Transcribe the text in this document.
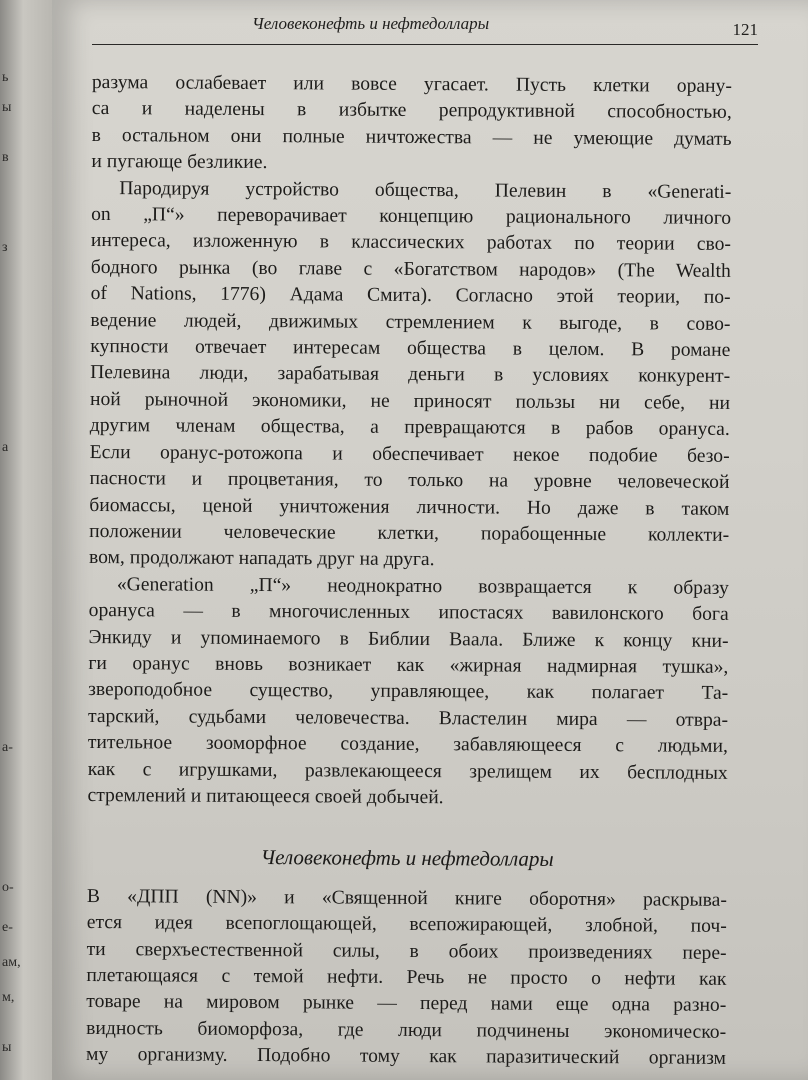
ь
ы
в
з
а
а-
о-
е-
ам,
м,
ы
Человеконефть и нефтедоллары	121
разума ослабевает или вовсе угасает. Пусть клетки орану-
са и наделены в избытке репродуктивной способностью,
в остальном они полные ничтожества — не умеющие думать
и пугающе безликие.
Пародируя устройство общества, Пелевин в «Generati-
on „П“» переворачивает концепцию рационального личного
интереса, изложенную в классических работах по теории сво-
бодного рынка (во главе с «Богатством народов» (The Wealth
of Nations, 1776) Адама Смита). Согласно этой теории, по-
ведение людей, движимых стремлением к выгоде, в сово-
купности отвечает интересам общества в целом. В романе
Пелевина люди, зарабатывая деньги в условиях конкурент-
ной рыночной экономики, не приносят пользы ни себе, ни
другим членам общества, а превращаются в рабов орануса.
Если оранус-ротожопа и обеспечивает некое подобие безо-
пасности и процветания, то только на уровне человеческой
биомассы, ценой уничтожения личности. Но даже в таком
положении человеческие клетки, порабощенные коллекти-
вом, продолжают нападать друг на друга.
«Generation „П“» неоднократно возвращается к образу
орануса — в многочисленных ипостасях вавилонского бога
Энкиду и упоминаемого в Библии Ваала. Ближе к концу кни-
ги оранус вновь возникает как «жирная надмирная тушка»,
звероподобное существо, управляющее, как полагает Та-
тарский, судьбами человечества. Властелин мира — отвра-
тительное зооморфное создание, забавляющееся с людьми,
как с игрушками, развлекающееся зрелищем их бесплодных
стремлений и питающееся своей добычей.
Человеконефть и нефтедоллары
В «ДПП (NN)» и «Священной книге оборотня» раскрыва-
ется идея всепоглощающей, всепожирающей, злобной, поч-
ти сверхъестественной силы, в обоих произведениях пере-
плетающаяся с темой нефти. Речь не просто о нефти как
товаре на мировом рынке — перед нами еще одна разно-
видность биоморфоза, где люди подчинены экономическо-
му организму. Подобно тому как паразитический организм
